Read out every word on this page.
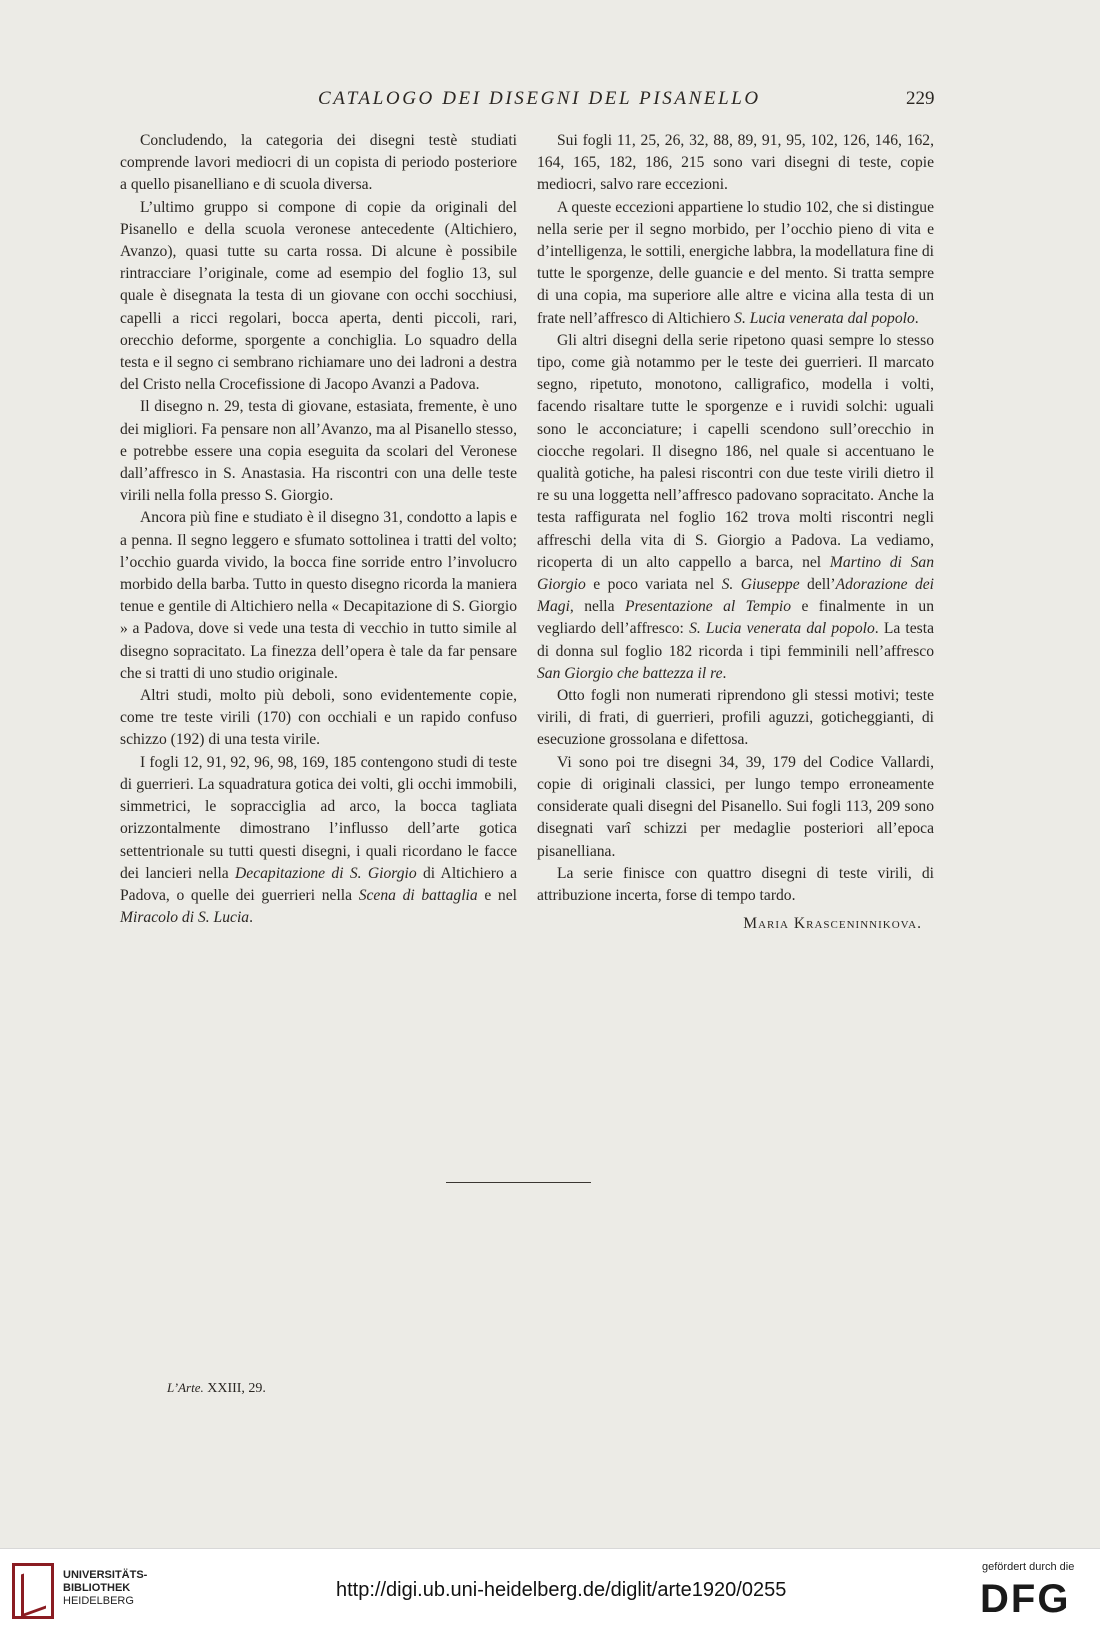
CATALOGO DEI DISEGNI DEL PISANELLO	229

Concludendo, la categoria dei disegni testè studiati comprende lavori mediocri di un copista di periodo posteriore a quello pisanelliano e di scuola diversa.

L’ultimo gruppo si compone di copie da originali del Pisanello e della scuola veronese antecedente (Altichiero, Avanzo), quasi tutte su carta rossa. Di alcune è possibile rintracciare l’originale, come ad esempio del foglio 13, sul quale è disegnata la testa di un giovane con occhi socchiusi, capelli a ricci regolari, bocca aperta, denti piccoli, rari, orecchio deforme, sporgente a conchiglia. Lo squadro della testa e il segno ci sembrano richiamare uno dei ladroni a destra del Cristo nella Crocefissione di Jacopo Avanzi a Padova.

Il disegno n. 29, testa di giovane, estasiata, fremente, è uno dei migliori. Fa pensare non all’Avanzo, ma al Pisanello stesso, e potrebbe essere una copia eseguita da scolari del Veronese dall’affresco in S. Anastasia. Ha riscontri con una delle teste virili nella folla presso S. Giorgio.

Ancora più fine e studiato è il disegno 31, condotto a lapis e a penna. Il segno leggero e sfumato sottolinea i tratti del volto; l’occhio guarda vivido, la bocca fine sorride entro l’involucro morbido della barba. Tutto in questo disegno ricorda la maniera tenue e gentile di Altichiero nella « Decapitazione di S. Giorgio » a Padova, dove si vede una testa di vecchio in tutto simile al disegno sopracitato. La finezza dell’opera è tale da far pensare che si tratti di uno studio originale.

Altri studi, molto più deboli, sono evidentemente copie, come tre teste virili (170) con occhiali e un rapido confuso schizzo (192) di una testa virile.

I fogli 12, 91, 92, 96, 98, 169, 185 contengono studi di teste di guerrieri. La squadratura gotica dei volti, gli occhi immobili, simmetrici, le sopracciglia ad arco, la bocca tagliata orizzontalmente dimostrano l’influsso dell’arte gotica settentrionale su tutti questi disegni, i quali ricordano le facce dei lancieri nella Decapitazione di S. Giorgio di Altichiero a Padova, o quelle dei guerrieri nella Scena di battaglia e nel Miracolo di S. Lucia.

Sui fogli 11, 25, 26, 32, 88, 89, 91, 95, 102, 126, 146, 162, 164, 165, 182, 186, 215 sono vari disegni di teste, copie mediocri, salvo rare eccezioni.

A queste eccezioni appartiene lo studio 102, che si distingue nella serie per il segno morbido, per l’occhio pieno di vita e d’intelligenza, le sottili, energiche labbra, la modellatura fine di tutte le sporgenze, delle guancie e del mento. Si tratta sempre di una copia, ma superiore alle altre e vicina alla testa di un frate nell’affresco di Altichiero S. Lucia venerata dal popolo.

Gli altri disegni della serie ripetono quasi sempre lo stesso tipo, come già notammo per le teste dei guerrieri. Il marcato segno, ripetuto, monotono, calligrafico, modella i volti, facendo risaltare tutte le sporgenze e i ruvidi solchi: uguali sono le acconciature; i capelli scendono sull’orecchio in ciocche regolari. Il disegno 186, nel quale si accentuano le qualità gotiche, ha palesi riscontri con due teste virili dietro il re su una loggetta nell’affresco padovano sopracitato. Anche la testa raffigurata nel foglio 162 trova molti riscontri negli affreschi della vita di S. Giorgio a Padova. La vediamo, ricoperta di un alto cappello a barca, nel Martino di San Giorgio e poco variata nel S. Giuseppe dell’Adorazione dei Magi, nella Presentazione al Tempio e finalmente in un vegliardo dell’affresco: S. Lucia venerata dal popolo. La testa di donna sul foglio 182 ricorda i tipi femminili nell’affresco San Giorgio che battezza il re.

Otto fogli non numerati riprendono gli stessi motivi; teste virili, di frati, di guerrieri, profili aguzzi, goticheggianti, di esecuzione grossolana e difettosa.

Vi sono poi tre disegni 34, 39, 179 del Codice Vallardi, copie di originali classici, per lungo tempo erroneamente considerate quali disegni del Pisanello. Sui fogli 113, 209 sono disegnati varî schizzi per medaglie posteriori all’epoca pisanelliana.

La serie finisce con quattro disegni di teste virili, di attribuzione incerta, forse di tempo tardo.

Maria Krasceninnikova.
L’Arte. XXIII, 29.
UNIVERSITÄTS-
BIBLIOTHEK
HEIDELBERG	http://digi.ub.uni-heidelberg.de/diglit/arte1920/0255
gefördert durch die
DFG
